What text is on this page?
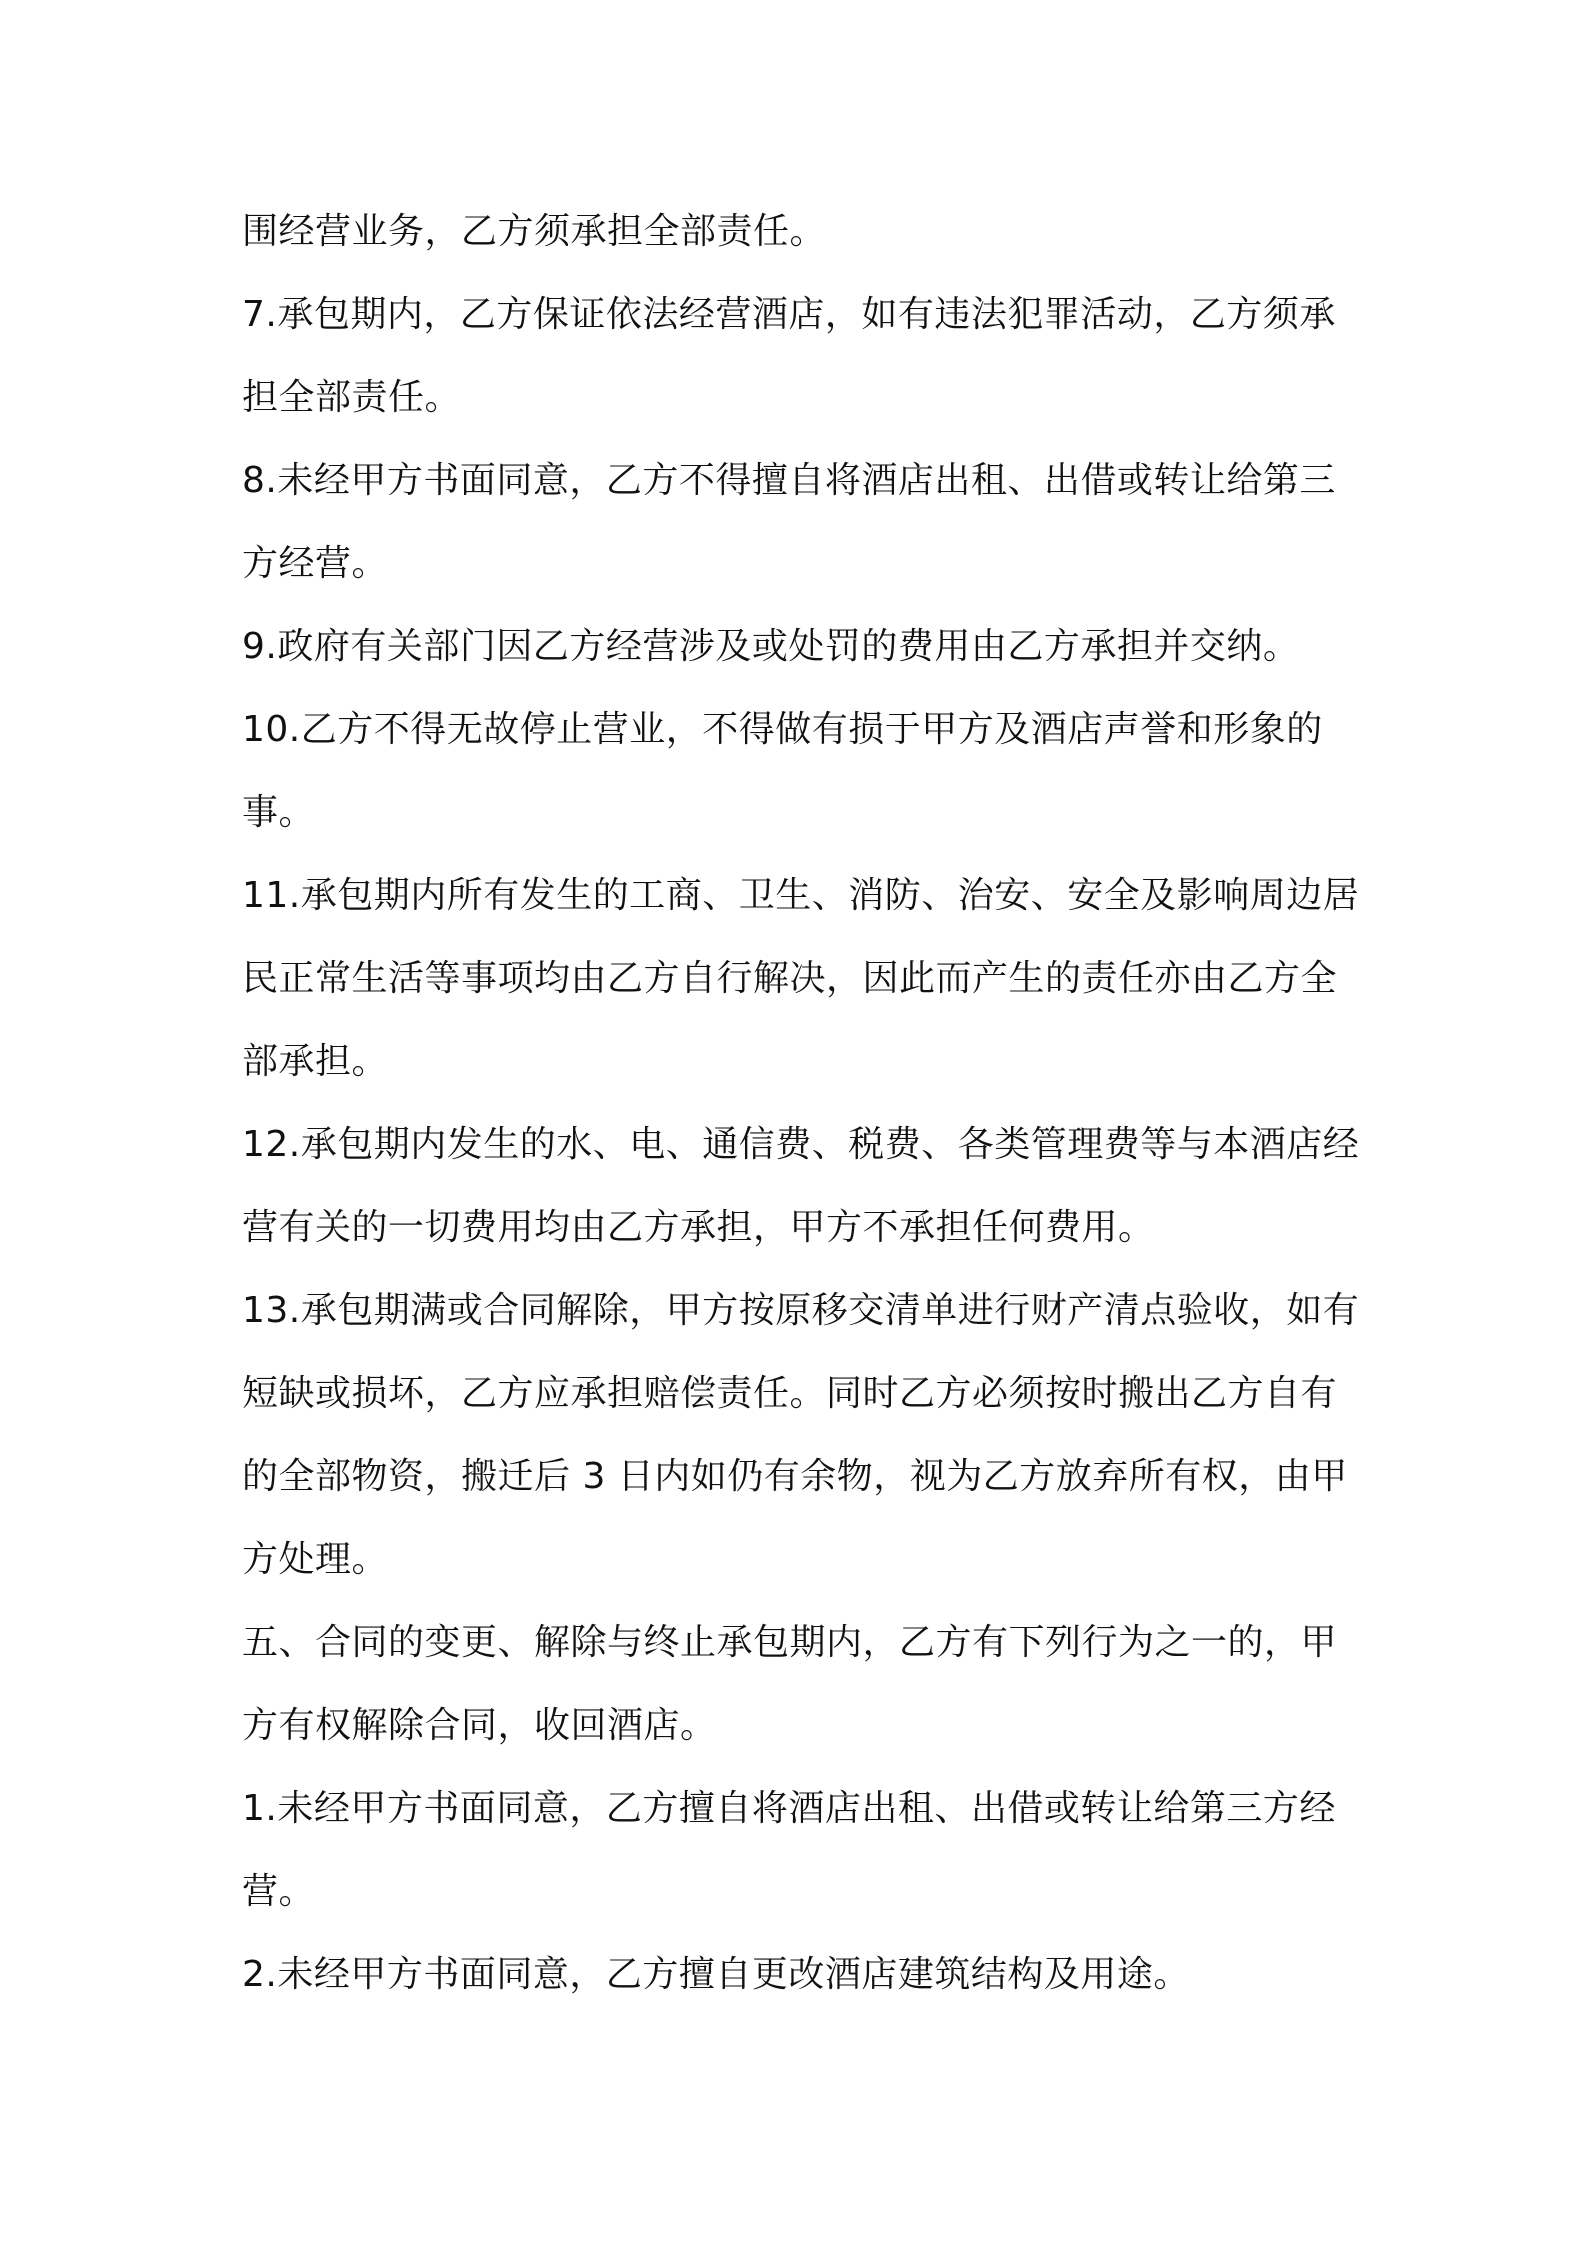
围经营业务，乙方须承担全部责任。

7.承包期内，乙方保证依法经营酒店，如有违法犯罪活动，乙方须承担全部责任。

8.未经甲方书面同意，乙方不得擅自将酒店出租、出借或转让给第三方经营。

9.政府有关部门因乙方经营涉及或处罚的费用由乙方承担并交纳。

10.乙方不得无故停止营业，不得做有损于甲方及酒店声誉和形象的事。

11.承包期内所有发生的工商、卫生、消防、治安、安全及影响周边居民正常生活等事项均由乙方自行解决，因此而产生的责任亦由乙方全部承担。

12.承包期内发生的水、电、通信费、税费、各类管理费等与本酒店经营有关的一切费用均由乙方承担，甲方不承担任何费用。

13.承包期满或合同解除，甲方按原移交清单进行财产清点验收，如有短缺或损坏，乙方应承担赔偿责任。同时乙方必须按时搬出乙方自有的全部物资，搬迁后 3 日内如仍有余物，视为乙方放弃所有权，由甲方处理。

五、合同的变更、解除与终止承包期内，乙方有下列行为之一的，甲方有权解除合同，收回酒店。

1.未经甲方书面同意，乙方擅自将酒店出租、出借或转让给第三方经营。

2.未经甲方书面同意，乙方擅自更改酒店建筑结构及用途。
